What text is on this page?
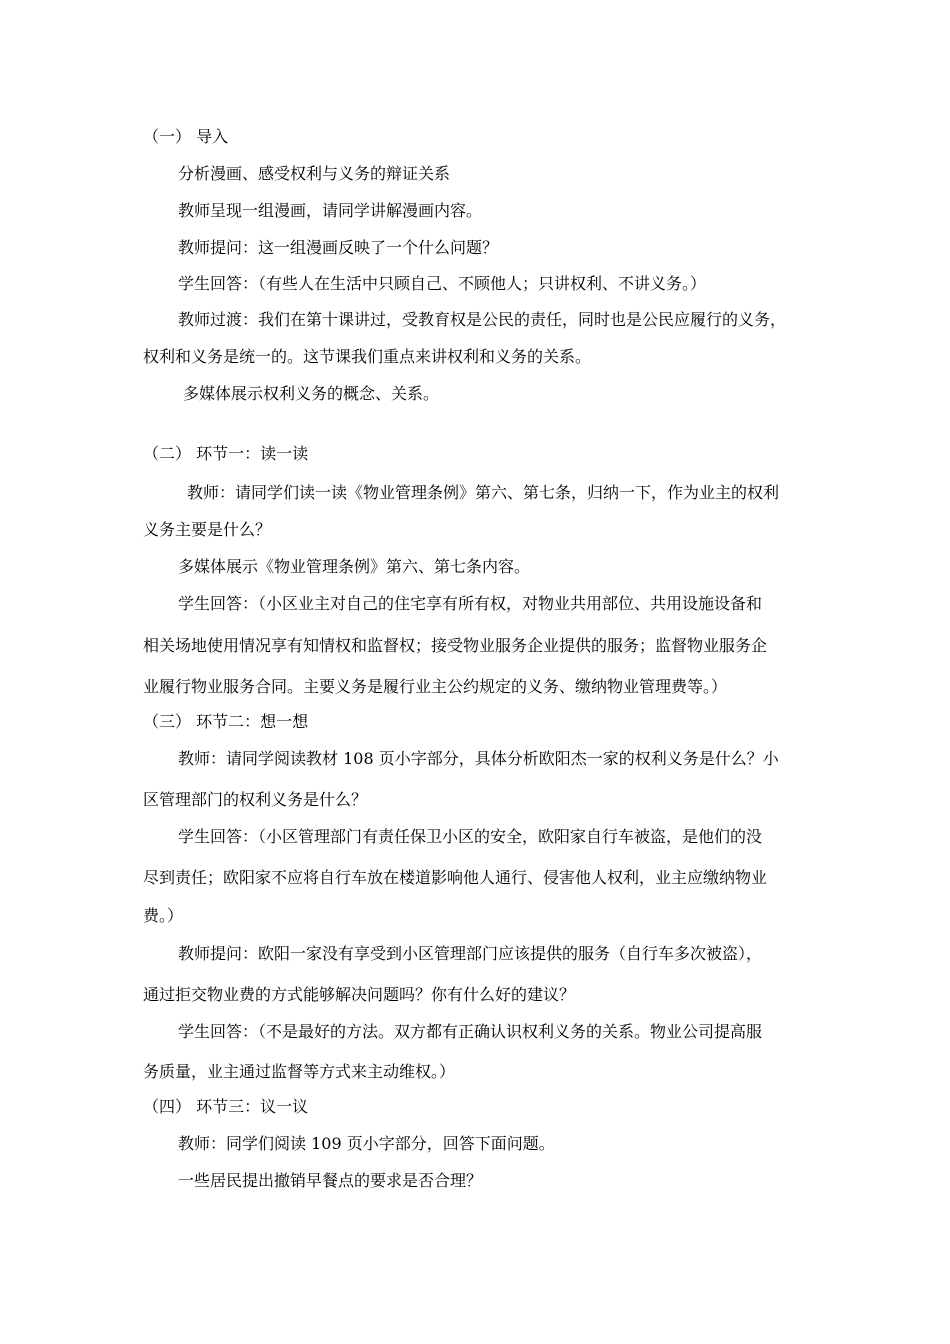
（一） 导入
分析漫画、感受权利与义务的辩证关系
教师呈现一组漫画，请同学讲解漫画内容。
教师提问：这一组漫画反映了一个什么问题？
学生回答：（有些人在生活中只顾自己、不顾他人；只讲权利、不讲义务。）
教师过渡：我们在第十课讲过，受教育权是公民的责任，同时也是公民应履行的义务，
权利和义务是统一的。这节课我们重点来讲权利和义务的关系。
多媒体展示权利义务的概念、关系。
（二） 环节一：读一读
教师：请同学们读一读《物业管理条例》第六、第七条，归纳一下，作为业主的权利
义务主要是什么？
多媒体展示《物业管理条例》第六、第七条内容。
学生回答：（小区业主对自己的住宅享有所有权，对物业共用部位、共用设施设备和
相关场地使用情况享有知情权和监督权；接受物业服务企业提供的服务；监督物业服务企
业履行物业服务合同。主要义务是履行业主公约规定的义务、缴纳物业管理费等。）
（三） 环节二：想一想
教师：请同学阅读教材 108 页小字部分，具体分析欧阳杰一家的权利义务是什么？小
区管理部门的权利义务是什么？
学生回答：（小区管理部门有责任保卫小区的安全，欧阳家自行车被盗，是他们的没
尽到责任；欧阳家不应将自行车放在楼道影响他人通行、侵害他人权利，业主应缴纳物业
费。）
教师提问：欧阳一家没有享受到小区管理部门应该提供的服务（自行车多次被盗），
通过拒交物业费的方式能够解决问题吗？你有什么好的建议？
学生回答：（不是最好的方法。双方都有正确认识权利义务的关系。物业公司提高服
务质量，业主通过监督等方式来主动维权。）
（四） 环节三：议一议
教师：同学们阅读 109 页小字部分，回答下面问题。
一些居民提出撤销早餐点的要求是否合理？
